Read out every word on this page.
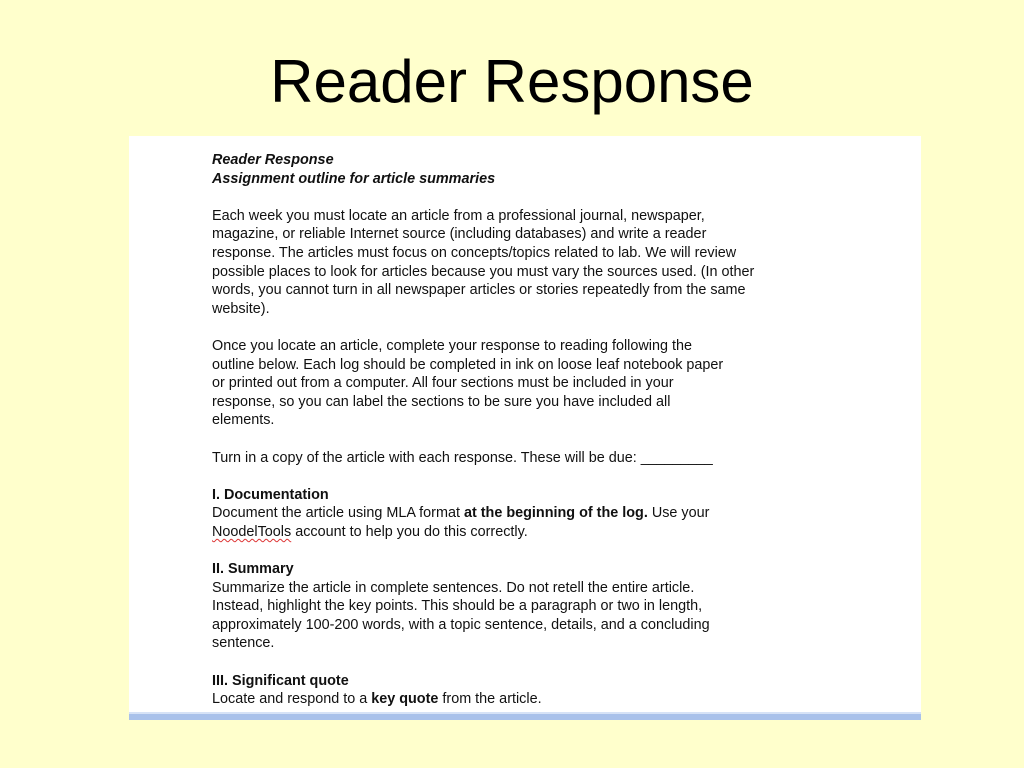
Reader Response

Reader Response

Assignment outline for article summaries

Each week you must locate an article from a professional journal, newspaper,
magazine, or reliable Internet source (including databases) and write a reader
response. The articles must focus on concepts/topics related to lab. We will review
possible places to look for articles because you must vary the sources used. (In other
words, you cannot turn in all newspaper articles or stories repeatedly from the same
website).
Once you locate an article, complete your response to reading following the
outline below. Each log should be completed in ink on loose leaf notebook paper
or printed out from a computer. All four sections must be included in your
response, so you can label the sections to be sure you have included all
elements.
Turn in a copy of the article with each response. These will be due: _________
I. Documentation
Document the article using MLA format at the beginning of the log. Use your
NoodelTools account to help you do this correctly.
II. Summary
Summarize the article in complete sentences. Do not retell the entire article.
Instead, highlight the key points. This should be a paragraph or two in length,
approximately 100-200 words, with a topic sentence, details, and a concluding
sentence.
III. Significant quote
Locate and respond to a key quote from the article.
